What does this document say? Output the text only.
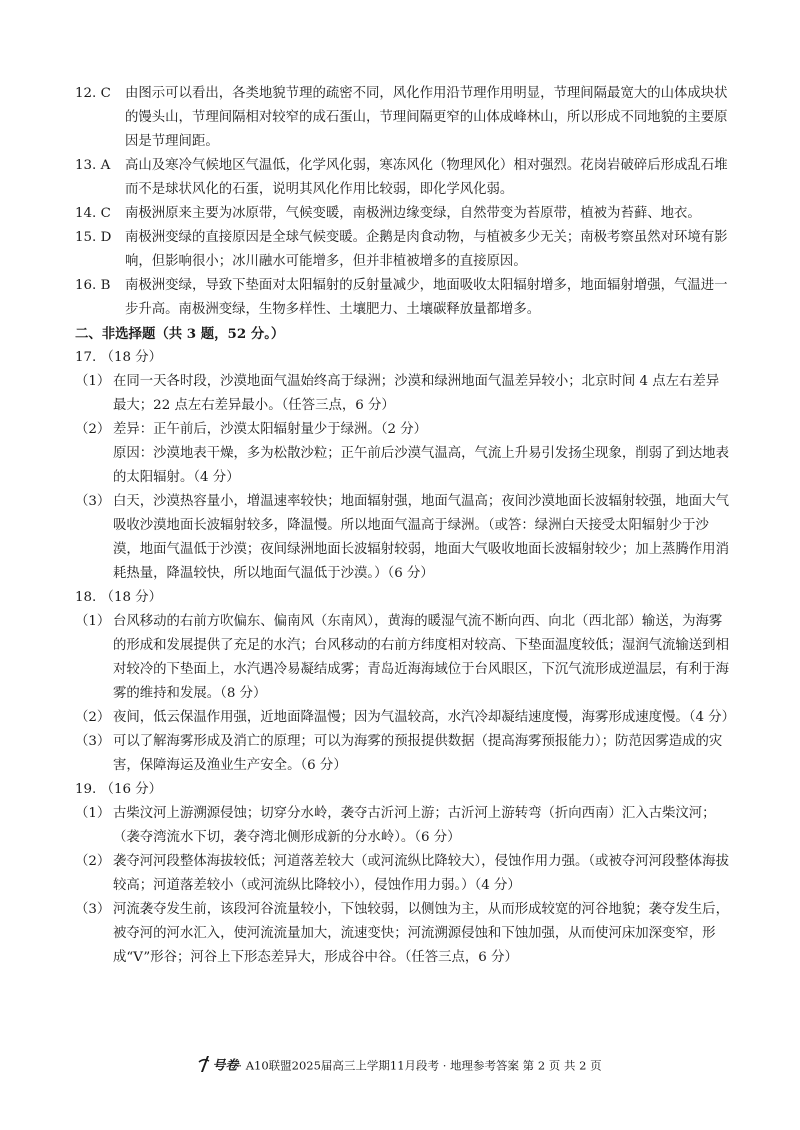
12. C	由图示可以看出，各类地貌节理的疏密不同，风化作用沿节理作用明显，节理间隔最宽大的山体成块状的馒头山，节理间隔相对较窄的成石蛋山，节理间隔更窄的山体成峰林山，所以形成不同地貌的主要原因是节理间距。
13. A	高山及寒冷气候地区气温低，化学风化弱，寒冻风化（物理风化）相对强烈。花岗岩破碎后形成乱石堆而不是球状风化的石蛋，说明其风化作用比较弱，即化学风化弱。
14. C	南极洲原来主要为冰原带，气候变暖，南极洲边缘变绿，自然带变为苔原带，植被为苔藓、地衣。
15. D	南极洲变绿的直接原因是全球气候变暖。企鹅是肉食动物，与植被多少无关；南极考察虽然对环境有影响，但影响很小；冰川融水可能增多，但并非植被增多的直接原因。
16. B	南极洲变绿，导致下垫面对太阳辐射的反射量减少，地面吸收太阳辐射增多，地面辐射增强，气温进一步升高。南极洲变绿，生物多样性、土壤肥力、土壤碳释放量都增多。
二、非选择题（共 3 题，52 分。）
17. （18 分）
（1） 在同一天各时段，沙漠地面气温始终高于绿洲；沙漠和绿洲地面气温差异较小；北京时间 4 点左右差异最大；22 点左右差异最小。（任答三点，6 分）
（2） 差异：正午前后，沙漠太阳辐射量少于绿洲。（2 分）
原因：沙漠地表干燥，多为松散沙粒；正午前后沙漠气温高，气流上升易引发扬尘现象，削弱了到达地表的太阳辐射。（4 分）
（3） 白天，沙漠热容量小，增温速率较快；地面辐射强，地面气温高；夜间沙漠地面长波辐射较强，地面大气吸收沙漠地面长波辐射较多，降温慢。所以地面气温高于绿洲。（或答：绿洲白天接受太阳辐射少于沙漠，地面气温低于沙漠；夜间绿洲地面长波辐射较弱，地面大气吸收地面长波辐射较少；加上蒸腾作用消耗热量，降温较快，所以地面气温低于沙漠。）（6 分）
18. （18 分）
（1） 台风移动的右前方吹偏东、偏南风（东南风），黄海的暖湿气流不断向西、向北（西北部）输送，为海雾的形成和发展提供了充足的水汽；台风移动的右前方纬度相对较高、下垫面温度较低；湿润气流输送到相对较冷的下垫面上，水汽遇冷易凝结成雾；青岛近海海域位于台风眼区，下沉气流形成逆温层，有利于海雾的维持和发展。（8 分）
（2） 夜间，低云保温作用强，近地面降温慢；因为气温较高，水汽冷却凝结速度慢，海雾形成速度慢。（4 分）
（3） 可以了解海雾形成及消亡的原理；可以为海雾的预报提供数据（提高海雾预报能力）；防范因雾造成的灾害，保障海运及渔业生产安全。（6 分）
19. （16 分）
（1） 古柴汶河上游溯源侵蚀；切穿分水岭，袭夺古沂河上游；古沂河上游转弯（折向西南）汇入古柴汶河；（袭夺湾流水下切，袭夺湾北侧形成新的分水岭）。（6 分）
（2） 袭夺河河段整体海拔较低；河道落差较大（或河流纵比降较大），侵蚀作用力强。（或被夺河河段整体海拔较高；河道落差较小（或河流纵比降较小），侵蚀作用力弱。）（4 分）
（3） 河流袭夺发生前，该段河谷流量较小，下蚀较弱，以侧蚀为主，从而形成较宽的河谷地貌；袭夺发生后，被夺河的河水汇入，使河流流量加大，流速变快；河流溯源侵蚀和下蚀加强，从而使河床加深变窄，形成“V”形谷；河谷上下形态差异大，形成谷中谷。（任答三点，6 分）
号卷· A10联盟2025届高三上学期11月段考 · 地理参考答案 第 2 页 共 2 页
